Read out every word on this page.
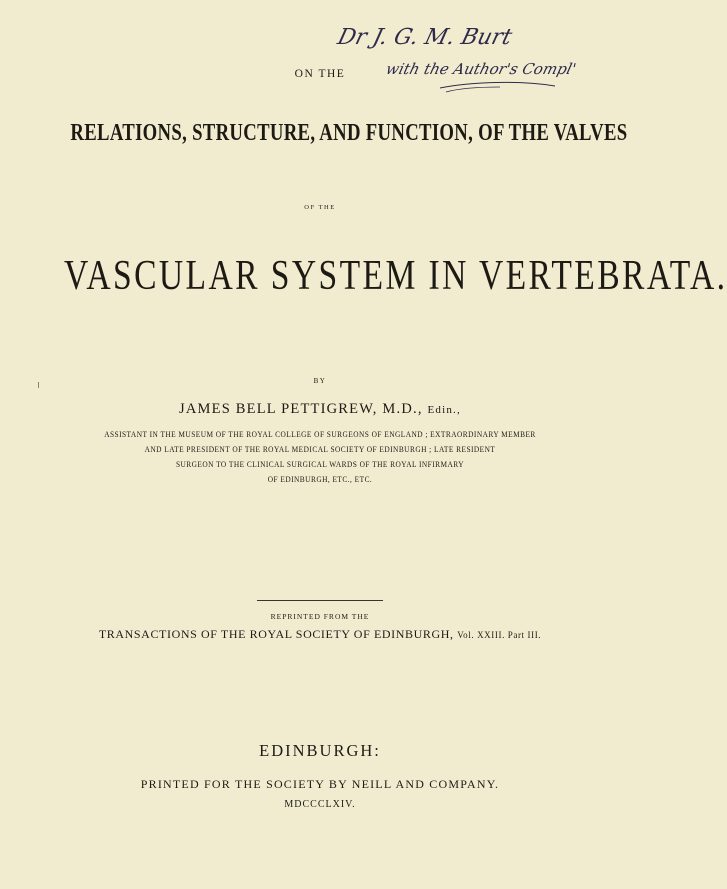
Dr J. G. M. Burt
with the Author's Compl'
ON THE
RELATIONS, STRUCTURE, AND FUNCTION, OF THE VALVES
OF THE
VASCULAR SYSTEM IN VERTEBRATA.
BY
JAMES BELL PETTIGREW, M.D., Edin.,
ASSISTANT IN THE MUSEUM OF THE ROYAL COLLEGE OF SURGEONS OF ENGLAND ; EXTRAORDINARY MEMBER
AND LATE PRESIDENT OF THE ROYAL MEDICAL SOCIETY OF EDINBURGH ; LATE RESIDENT
SURGEON TO THE CLINICAL SURGICAL WARDS OF THE ROYAL INFIRMARY
OF EDINBURGH, ETC., ETC.
REPRINTED FROM THE
TRANSACTIONS OF THE ROYAL SOCIETY OF EDINBURGH, Vol. XXIII. Part III.
EDINBURGH:
PRINTED FOR THE SOCIETY BY NEILL AND COMPANY.
MDCCCLXIV.
